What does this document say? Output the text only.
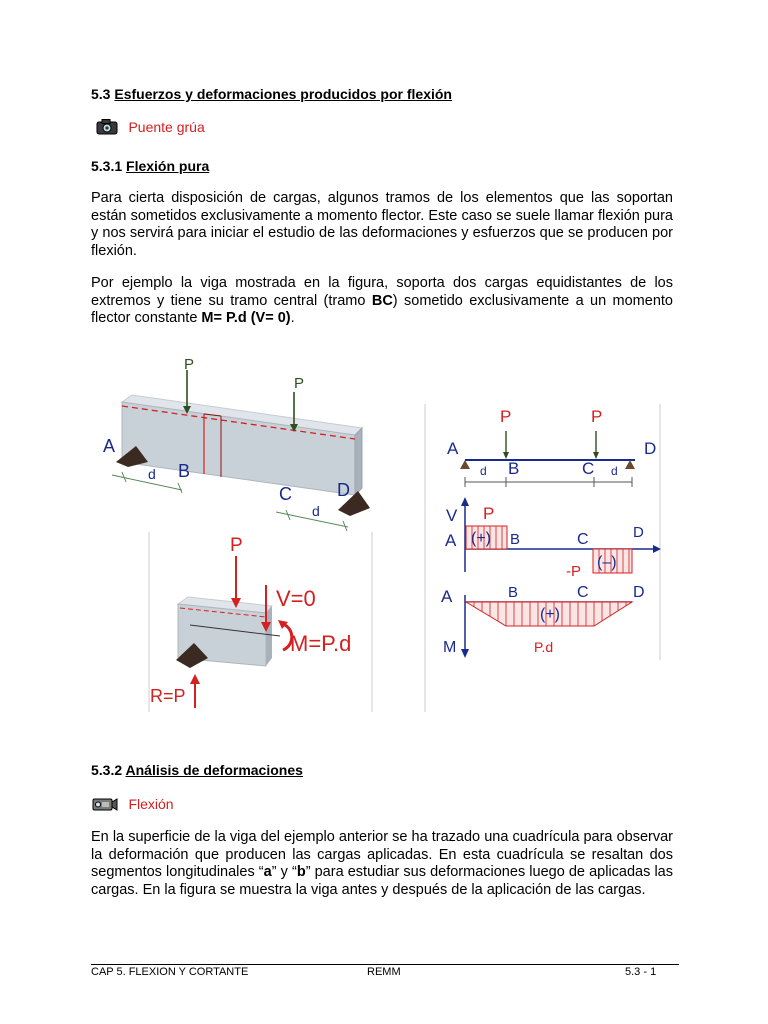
5.3 Esfuerzos y deformaciones producidos por flexión
Puente grúa
5.3.1 Flexión pura
Para cierta disposición de cargas, algunos tramos de los elementos que las soportan están sometidos exclusivamente a momento flector. Este caso se suele llamar flexión pura y nos servirá para iniciar el estudio de las deformaciones y esfuerzos que se producen por flexión.
Por ejemplo la viga mostrada en la figura, soporta dos cargas equidistantes de los extremos y tiene su tramo central (tramo BC) sometido exclusivamente a un momento flector constante M= P.d (V= 0).
P
P
A
B
C	D
d
d
P
V=0
M=P.d
R=P
P	P
A
B	C
D
d	d
V P
A (+) B	C	D
(–)
-P
A	B	C	D
(+)
M	P.d
5.3.2 Análisis de deformaciones
Flexión
En la superficie de la viga del ejemplo anterior se ha trazado una cuadrícula para observar la deformación que producen las cargas aplicadas. En esta cuadrícula se resaltan dos segmentos longitudinales “a” y “b” para estudiar sus deformaciones luego de aplicadas las cargas. En la figura se muestra la viga antes y después de la aplicación de las cargas.
CAP 5. FLEXION Y CORTANTE	REMM	5.3 - 1
